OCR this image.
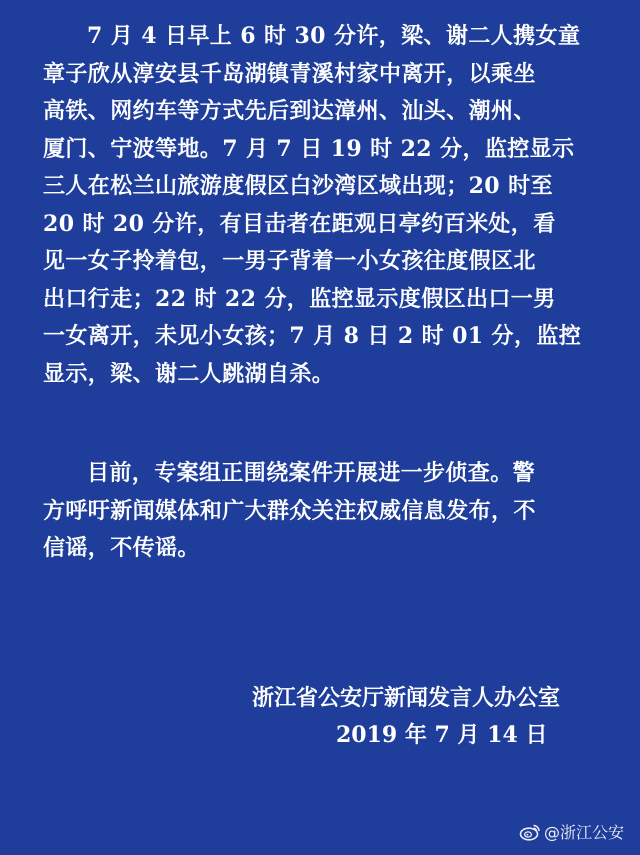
7 月 4 日早上 6 时 30 分许，梁、谢二人携女童

章子欣从淳安县千岛湖镇青溪村家中离开，以乘坐

高铁、网约车等方式先后到达漳州、汕头、潮州、

厦门、宁波等地。7 月 7 日 19 时 22 分，监控显示

三人在松兰山旅游度假区白沙湾区域出现；20 时至

20 时 20 分许，有目击者在距观日亭约百米处，看

见一女子拎着包，一男子背着一小女孩往度假区北

出口行走；22 时 22 分，监控显示度假区出口一男

一女离开，未见小女孩；7 月 8 日 2 时 01 分，监控

显示，梁、谢二人跳湖自杀。

目前，专案组正围绕案件开展进一步侦查。警

方呼吁新闻媒体和广大群众关注权威信息发布，不

信谣，不传谣。

浙江省公安厅新闻发言人办公室

2019 年 7 月 14 日

@浙江公安
